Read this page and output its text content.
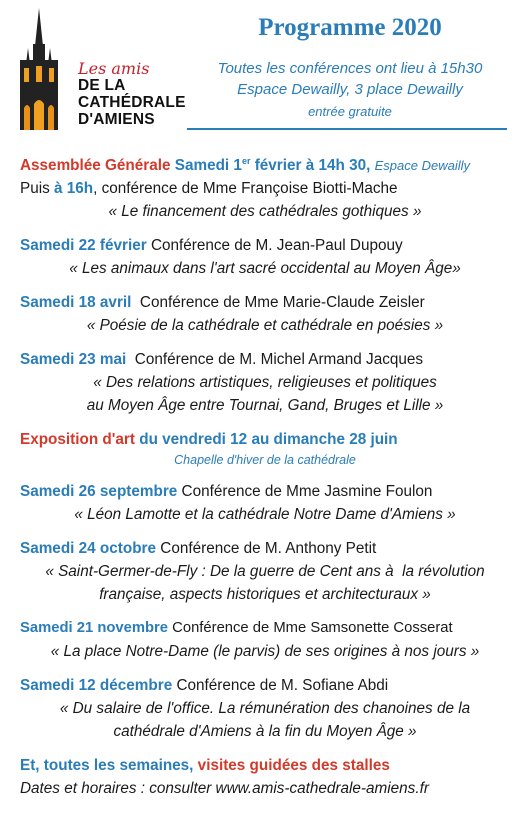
Les amis
DE LA
CATHÉDRALE
D'AMIENS
Programme 2020
Toutes les conférences ont lieu à 15h30
Espace Dewailly, 3 place Dewailly
entrée gratuite
Assemblée Générale Samedi 1er février à 14h 30, Espace Dewailly
Puis à 16h, conférence de Mme Françoise Biotti-Mache
« Le financement des cathédrales gothiques »
Samedi 22 février Conférence de M. Jean-Paul Dupouy
« Les animaux dans l'art sacré occidental au Moyen Âge»
Samedi 18 avril  Conférence de Mme Marie-Claude Zeisler
« Poésie de la cathédrale et cathédrale en poésies »
Samedi 23 mai  Conférence de M. Michel Armand Jacques
« Des relations artistiques, religieuses et politiques
au Moyen Âge entre Tournai, Gand, Bruges et Lille »
Exposition d'art du vendredi 12 au dimanche 28 juin
Chapelle d'hiver de la cathédrale
Samedi 26 septembre Conférence de Mme Jasmine Foulon
« Léon Lamotte et la cathédrale Notre Dame d'Amiens »
Samedi 24 octobre Conférence de M. Anthony Petit
« Saint-Germer-de-Fly : De la guerre de Cent ans à  la révolution
française, aspects historiques et architecturaux »
Samedi 21 novembre Conférence de Mme Samsonette Cosserat
« La place Notre-Dame (le parvis) de ses origines à nos jours »
Samedi 12 décembre Conférence de M. Sofiane Abdi
« Du salaire de l'office. La rémunération des chanoines de la
cathédrale d'Amiens à la fin du Moyen Âge »
Et, toutes les semaines, visites guidées des stalles
Dates et horaires : consulter www.amis-cathedrale-amiens.fr
